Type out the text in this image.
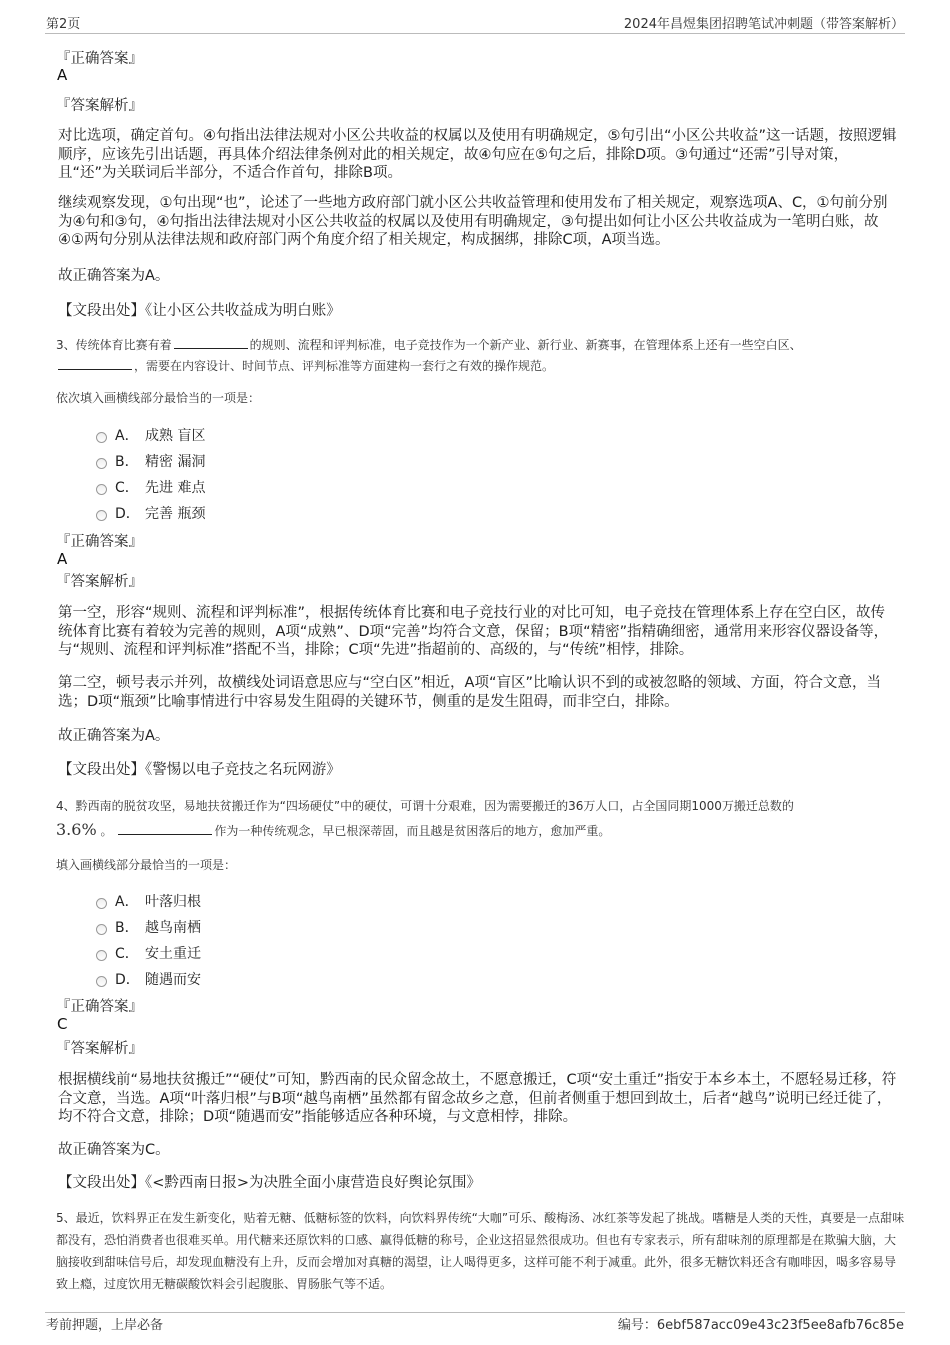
第2页	2024年昌煜集团招聘笔试冲刺题（带答案解析）
『正确答案』
A
『答案解析』
对比选项，确定首句。④句指出法律法规对小区公共收益的权属以及使用有明确规定，⑤句引出“小区公共收益”这一话题，按照逻辑顺序，应该先引出话题，再具体介绍法律条例对此的相关规定，故④句应在⑤句之后，排除D项。③句通过“还需”引导对策，且“还”为关联词后半部分，不适合作首句，排除B项。
继续观察发现，①句出现“也”，论述了一些地方政府部门就小区公共收益管理和使用发布了相关规定，观察选项A、C，①句前分别为④句和③句，④句指出法律法规对小区公共收益的权属以及使用有明确规定，③句提出如何让小区公共收益成为一笔明白账，故④①两句分别从法律法规和政府部门两个角度介绍了相关规定，构成捆绑，排除C项，A项当选。
故正确答案为A。
【文段出处】《让小区公共收益成为明白账》
3、传统体育比赛有着	的规则、流程和评判标准，电子竞技作为一个新产业、新行业、新赛事，在管理体系上还有一些空白区、
，需要在内容设计、时间节点、评判标准等方面建构一套行之有效的操作规范。
依次填入画横线部分最恰当的一项是：
A． 成熟 盲区
B． 精密 漏洞
C． 先进 难点
D． 完善 瓶颈
『正确答案』
A
『答案解析』
第一空，形容“规则、流程和评判标准”，根据传统体育比赛和电子竞技行业的对比可知，电子竞技在管理体系上存在空白区，故传统体育比赛有着较为完善的规则，A项“成熟”、D项“完善”均符合文意，保留；B项“精密”指精确细密，通常用来形容仪器设备等，与“规则、流程和评判标准”搭配不当，排除；C项“先进”指超前的、高级的，与“传统”相悖，排除。
第二空，顿号表示并列，故横线处词语意思应与“空白区”相近，A项“盲区”比喻认识不到的或被忽略的领域、方面，符合文意，当选；D项“瓶颈”比喻事情进行中容易发生阻碍的关键环节，侧重的是发生阻碍，而非空白，排除。
故正确答案为A。
【文段出处】《警惕以电子竞技之名玩网游》
4、黔西南的脱贫攻坚，易地扶贫搬迁作为“四场硬仗”中的硬仗，可谓十分艰难，因为需要搬迁的36万人口，占全国同期1000万搬迁总数的
3.6% 。	作为一种传统观念，早已根深蒂固，而且越是贫困落后的地方，愈加严重。
填入画横线部分最恰当的一项是：
A． 叶落归根
B． 越鸟南栖
C． 安土重迁
D． 随遇而安
『正确答案』
C
『答案解析』
根据横线前“易地扶贫搬迁”“硬仗”可知，黔西南的民众留念故土，不愿意搬迁，C项“安土重迁”指安于本乡本土，不愿轻易迁移，符合文意，当选。A项“叶落归根”与B项“越鸟南栖”虽然都有留念故乡之意，但前者侧重于想回到故土，后者“越鸟”说明已经迁徙了，均不符合文意，排除；D项“随遇而安”指能够适应各种环境，与文意相悖，排除。
故正确答案为C。
【文段出处】《<黔西南日报>为决胜全面小康营造良好舆论氛围》
5、最近，饮料界正在发生新变化，贴着无糖、低糖标签的饮料，向饮料界传统“大咖”可乐、酸梅汤、冰红茶等发起了挑战。嗜糖是人类的天性，真要是一点甜味都没有，恐怕消费者也很难买单。用代糖来还原饮料的口感、赢得低糖的称号，企业这招显然很成功。但也有专家表示，所有甜味剂的原理都是在欺骗大脑，大脑接收到甜味信号后，却发现血糖没有上升，反而会增加对真糖的渴望，让人喝得更多，这样可能不利于减重。此外，很多无糖饮料还含有咖啡因，喝多容易导致上瘾，过度饮用无糖碳酸饮料会引起腹胀、胃肠胀气等不适。
考前押题，上岸必备	编号：6ebf587acc09e43c23f5ee8afb76c85e
